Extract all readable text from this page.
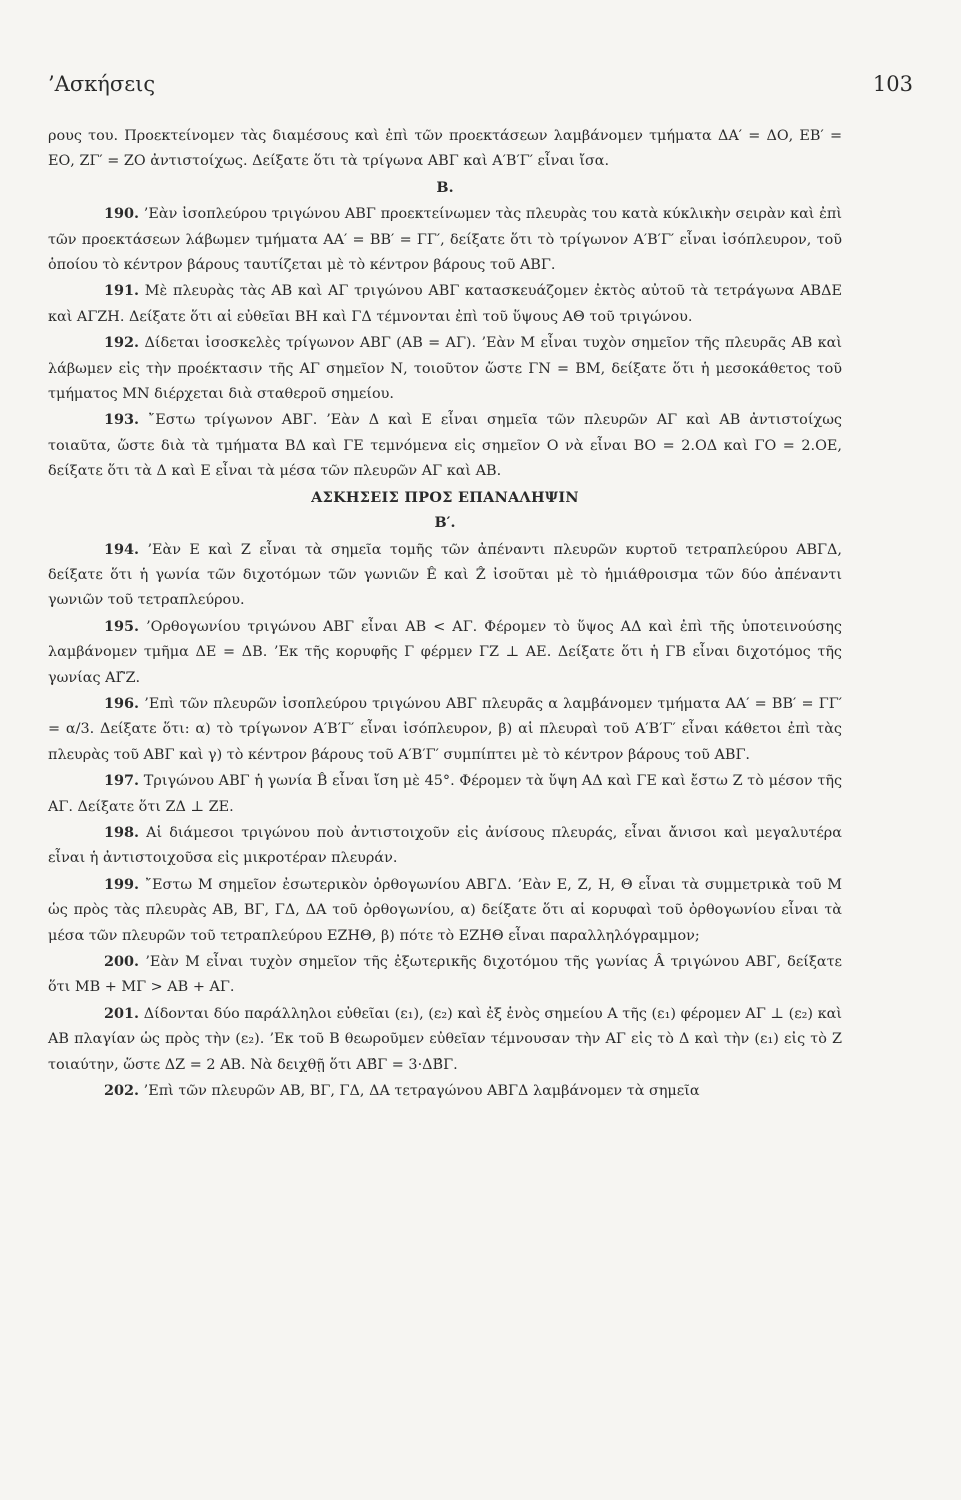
’Ασκήσεις	103

ρους του. Προεκτείνομεν τὰς διαμέσους καὶ ἐπὶ τῶν προεκτάσεων λαμβάνομεν τμήματα ΔΑ′ = ΔΟ, ΕΒ′ = ΕΟ, ΖΓ′ = ΖΟ ἀντιστοίχως. Δείξατε ὅτι τὰ τρίγωνα ΑΒΓ καὶ Α′Β′Γ′ εἶναι ἴσα.

Β.

190. ’Εὰν ἰσοπλεύρου τριγώνου ΑΒΓ προεκτείνωμεν τὰς πλευρὰς του κατὰ κύκλικὴν σειρὰν καὶ ἐπὶ τῶν προεκτάσεων λάβωμεν τμήματα ΑΑ′ = ΒΒ′ = ΓΓ′, δείξατε ὅτι τὸ τρίγωνον Α′Β′Γ′ εἶναι ἰσόπλευρον, τοῦ ὁποίου τὸ κέντρον βάρους ταυτίζεται μὲ τὸ κέντρον βάρους τοῦ ΑΒΓ.

191. Μὲ πλευρὰς τὰς ΑΒ καὶ ΑΓ τριγώνου ΑΒΓ κατασκευάζομεν ἐκτὸς αὐτοῦ τὰ τετράγωνα ΑΒΔΕ καὶ ΑΓΖΗ. Δείξατε ὅτι αἱ εὐθεῖαι ΒΗ καὶ ΓΔ τέμνονται ἐπὶ τοῦ ὕψους ΑΘ τοῦ τριγώνου.

192. Δίδεται ἰσοσκελὲς τρίγωνον ΑΒΓ (ΑΒ = ΑΓ). ’Εὰν Μ εἶναι τυχὸν σημεῖον τῆς πλευρᾶς ΑΒ καὶ λάβωμεν εἰς τὴν προέκτασιν τῆς ΑΓ σημεῖον Ν, τοιοῦτον ὥστε ΓΝ = ΒΜ, δείξατε ὅτι ἡ μεσοκάθετος τοῦ τμήματος ΜΝ διέρχεται διὰ σταθεροῦ σημείου.

193. ῎Εστω τρίγωνον ΑΒΓ. ’Εὰν Δ καὶ Ε εἶναι σημεῖα τῶν πλευρῶν ΑΓ καὶ ΑΒ ἀντιστοίχως τοιαῦτα, ὥστε διὰ τὰ τμήματα ΒΔ καὶ ΓΕ τεμνόμενα εἰς σημεῖον Ο νὰ εἶναι ΒΟ = 2.ΟΔ καὶ ΓΟ = 2.ΟΕ, δείξατε ὅτι τὰ Δ καὶ Ε εἶναι τὰ μέσα τῶν πλευρῶν ΑΓ καὶ ΑΒ.

ΑΣΚΗΣΕΙΣ ΠΡΟΣ ΕΠΑΝΑΛΗΨΙΝ

Β′.

194. ’Εὰν Ε καὶ Ζ εἶναι τὰ σημεῖα τομῆς τῶν ἀπέναντι πλευρῶν κυρτοῦ τετραπλεύρου ΑΒΓΔ, δείξατε ὅτι ἡ γωνία τῶν διχοτόμων τῶν γωνιῶν Ê καὶ Ẑ ἰσοῦται μὲ τὸ ἡμιάθροισμα τῶν δύο ἀπέναντι γωνιῶν τοῦ τετραπλεύρου.

195. ’Ορθογωνίου τριγώνου ΑΒΓ εἶναι ΑΒ < ΑΓ. Φέρομεν τὸ ὕψος ΑΔ καὶ ἐπὶ τῆς ὑποτεινούσης λαμβάνομεν τμῆμα ΔΕ = ΔΒ. ’Εκ τῆς κορυφῆς Γ φέρμεν ΓΖ ⊥ ΑΕ. Δείξατε ὅτι ἡ ΓΒ εἶναι διχοτόμος τῆς γωνίας ΑΓ̂Ζ.

196. ’Επὶ τῶν πλευρῶν ἰσοπλεύρου τριγώνου ΑΒΓ πλευρᾶς α λαμβάνομεν τμήματα ΑΑ′ = ΒΒ′ = ΓΓ′ = α/3. Δείξατε ὅτι: α) τὸ τρίγωνον Α′Β′Γ′ εἶναι ἰσόπλευρον, β) αἱ πλευραὶ τοῦ Α′Β′Γ′ εἶναι κάθετοι ἐπὶ τὰς πλευρὰς τοῦ ΑΒΓ καὶ γ) τὸ κέντρον βάρους τοῦ Α′Β′Γ′ συμπίπτει μὲ τὸ κέντρον βάρους τοῦ ΑΒΓ.

197. Τριγώνου ΑΒΓ ἡ γωνία B̂ εἶναι ἴση μὲ 45°. Φέρομεν τὰ ὕψη ΑΔ καὶ ΓΕ καὶ ἔστω Ζ τὸ μέσον τῆς ΑΓ. Δείξατε ὅτι ΖΔ ⊥ ΖΕ.

198. Αἱ διάμεσοι τριγώνου ποὺ ἀντιστοιχοῦν εἰς ἀνίσους πλευράς, εἶναι ἄνισοι καὶ μεγαλυτέρα εἶναι ἡ ἀντιστοιχοῦσα εἰς μικροτέραν πλευράν.

199. ῎Εστω Μ σημεῖον ἐσωτερικὸν ὀρθογωνίου ΑΒΓΔ. ’Εὰν Ε, Ζ, Η, Θ εἶναι τὰ συμμετρικὰ τοῦ Μ ὡς πρὸς τὰς πλευρὰς ΑΒ, ΒΓ, ΓΔ, ΔΑ τοῦ ὀρθογωνίου, α) δείξατε ὅτι αἱ κορυφαὶ τοῦ ὀρθογωνίου εἶναι τὰ μέσα τῶν πλευρῶν τοῦ τετραπλεύρου ΕΖΗΘ, β) πότε τὸ ΕΖΗΘ εἶναι παραλληλόγραμμον;

200. ’Εὰν Μ εἶναι τυχὸν σημεῖον τῆς ἐξωτερικῆς διχοτόμου τῆς γωνίας Â τριγώνου ΑΒΓ, δείξατε ὅτι ΜΒ + ΜΓ > ΑΒ + ΑΓ.

201. Δίδονται δύο παράλληλοι εὐθεῖαι (ε₁), (ε₂) καὶ ἐξ ἑνὸς σημείου Α τῆς (ε₁) φέρομεν ΑΓ ⊥ (ε₂) καὶ ΑΒ πλαγίαν ὡς πρὸς τὴν (ε₂). ’Εκ τοῦ Β θεωροῦμεν εὐθεῖαν τέμνουσαν τὴν ΑΓ εἰς τὸ Δ καὶ τὴν (ε₁) εἰς τὸ Ζ τοιαύτην, ὥστε ΔΖ = 2 ΑΒ. Νὰ δειχθῇ ὅτι ΑΒ̂Γ = 3·ΔΒ̂Γ.

202. ’Επὶ τῶν πλευρῶν ΑΒ, ΒΓ, ΓΔ, ΔΑ τετραγώνου ΑΒΓΔ λαμβάνομεν τὰ σημεῖα
